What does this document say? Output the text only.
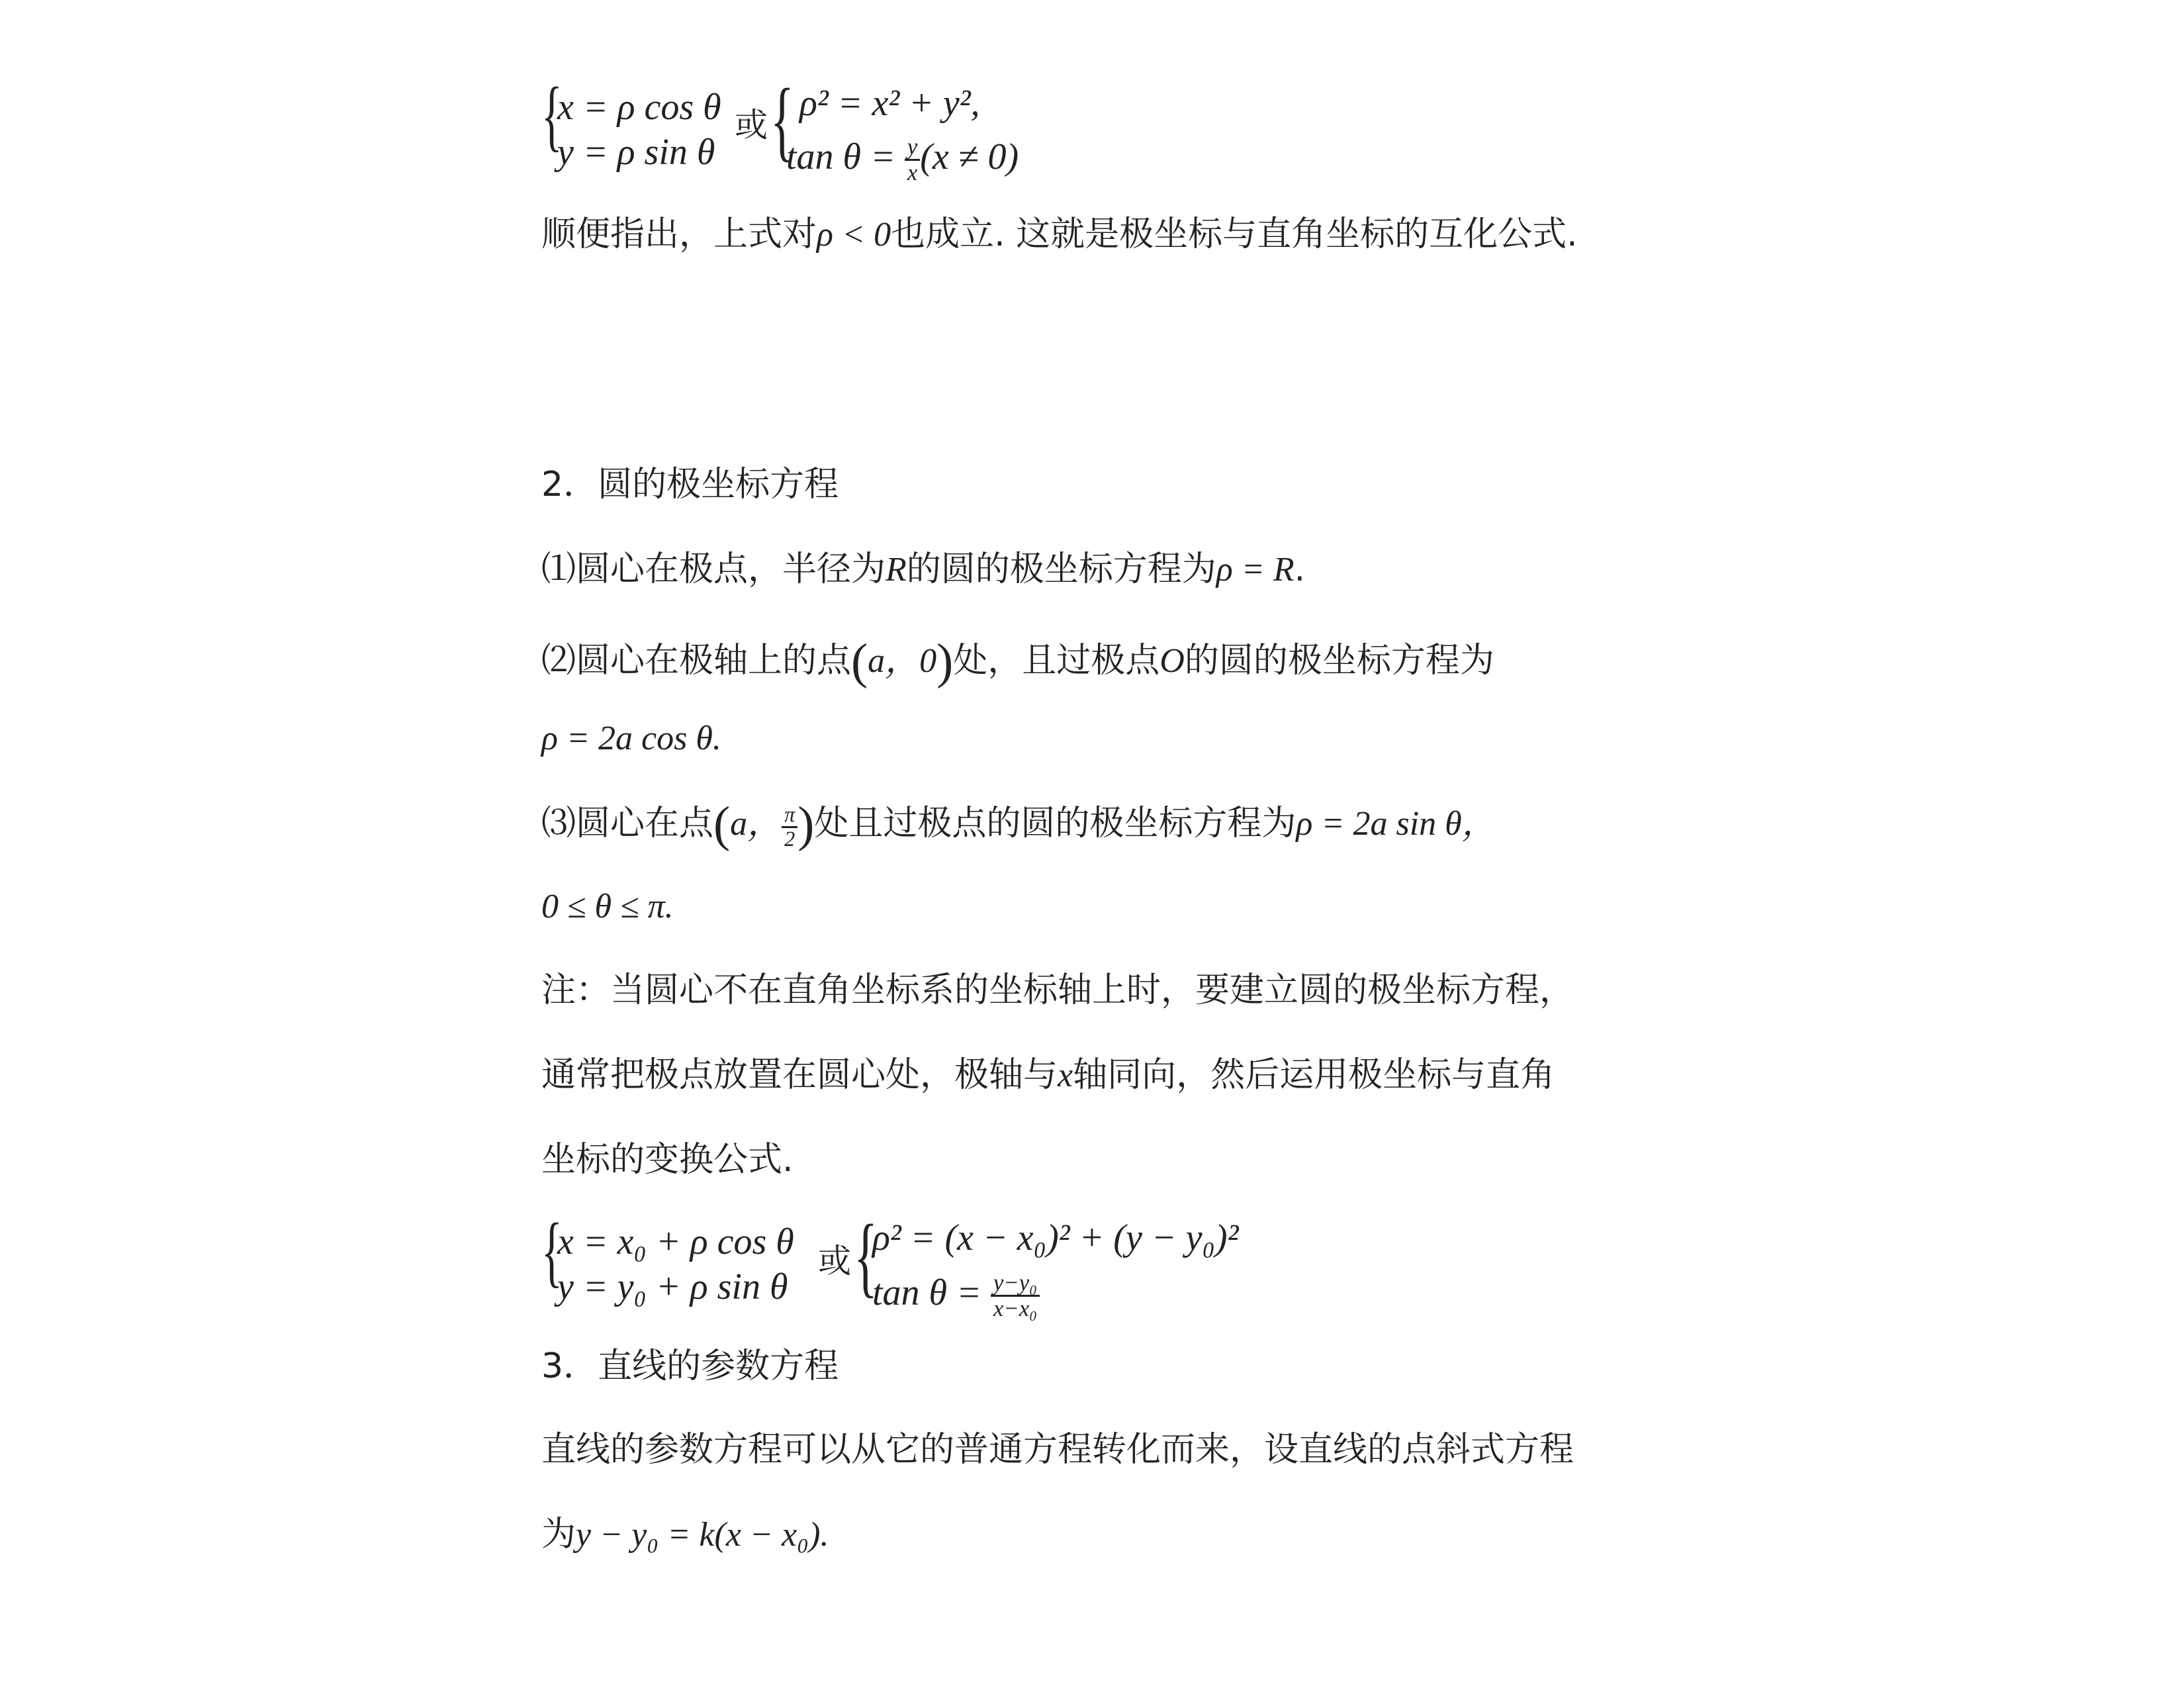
{
x = ρ cos θ
y = ρ sin θ
或 { ρ² = x² + y²,
$\tan \theta = \frac{y}{x} (x \ne 0)$
顺便指出，上式对ρ < 0也成立. 这就是极坐标与直角坐标的互化公式.
2．圆的极坐标方程
⑴圆心在极点，半径为R的圆的极坐标方程为ρ = R.
⑵圆心在极轴上的点(a，0)处，且过极点O的圆的极坐标方程为
ρ = 2a cos θ.
⑶圆心在点(a， $\frac{\pi}{2}$ )处且过极点的圆的极坐标方程为ρ = 2a sin θ，
0 ≤ θ ≤ π.
注：当圆心不在直角坐标系的坐标轴上时，要建立圆的极坐标方程，
通常把极点放置在圆心处，极轴与x轴同向，然后运用极坐标与直角
坐标的变换公式.
{
x = x₀ + ρ cos θ
y = y₀ + ρ sin θ
或 {
ρ² = (x − x₀)² + (y − y₀)²
$\tan \theta = \frac{\text{y−y₀}}{\text{x−x₀}}$
3．直线的参数方程
直线的参数方程可以从它的普通方程转化而来，设直线的点斜式方程
为y − y₀ = k(x − x₀).
